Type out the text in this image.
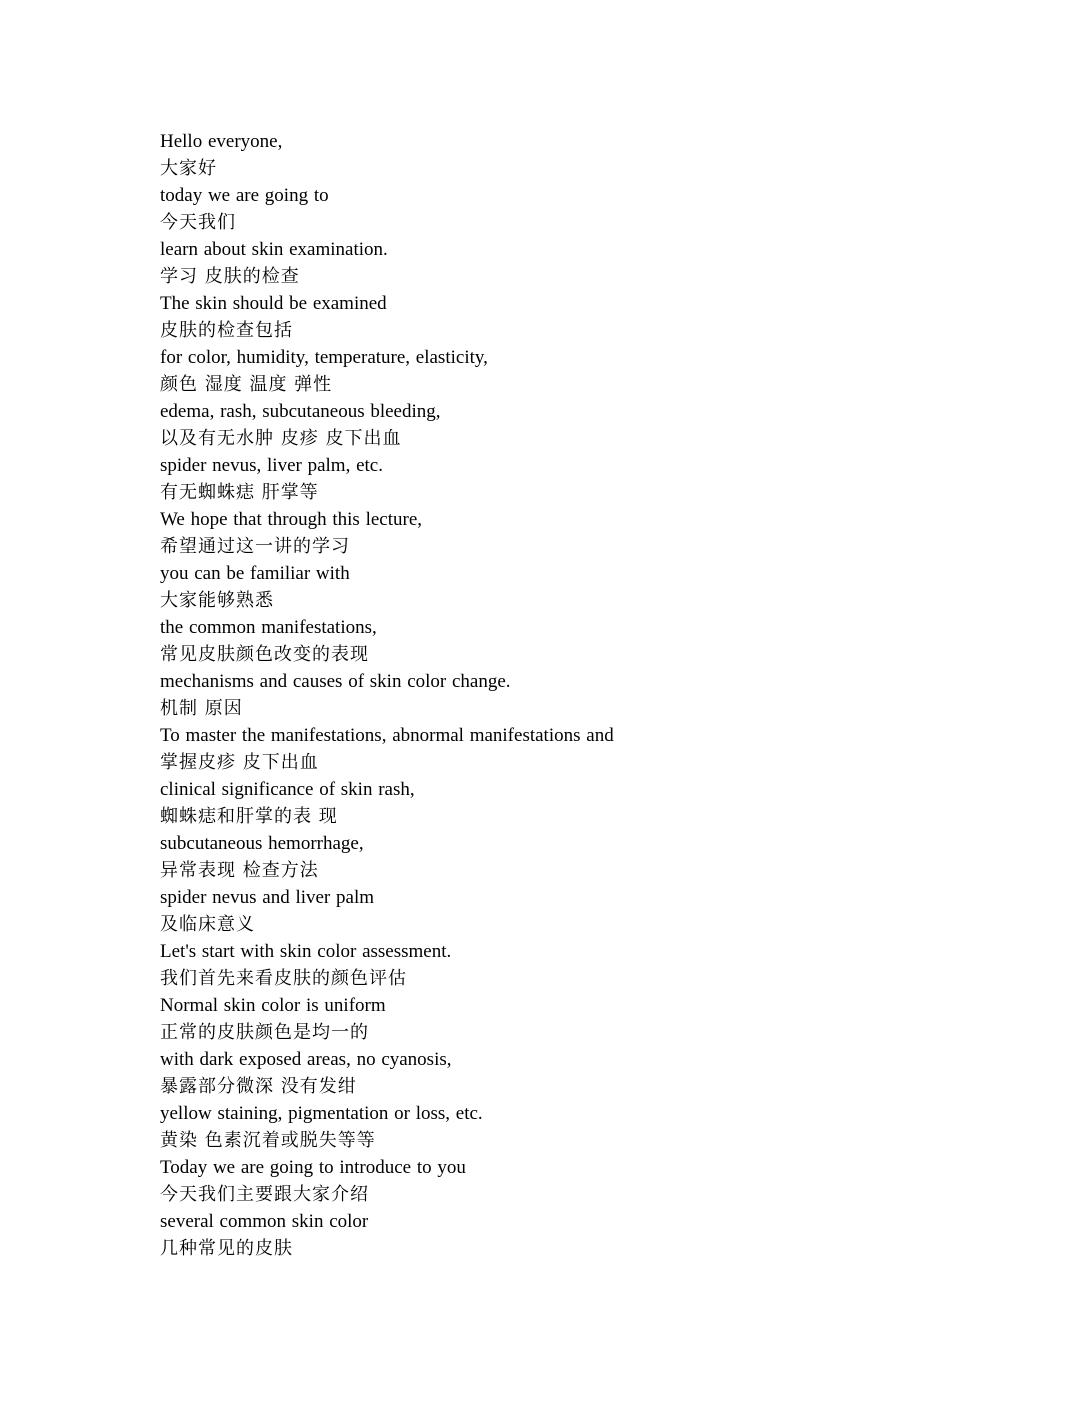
Hello everyone,
大家好
today we are going to
今天我们
learn about skin examination.
学习 皮肤的检查
The skin should be examined
皮肤的检查包括
for color, humidity, temperature, elasticity,
颜色 湿度 温度 弹性
edema, rash, subcutaneous bleeding,
以及有无水肿 皮疹 皮下出血
spider nevus, liver palm, etc.
有无蜘蛛痣 肝掌等
We hope that through this lecture,
希望通过这一讲的学习
you can be familiar with
大家能够熟悉
the common manifestations,
常见皮肤颜色改变的表现
mechanisms and causes of skin color change.
机制 原因
To master the manifestations, abnormal manifestations and
掌握皮疹 皮下出血
clinical significance of skin rash,
蜘蛛痣和肝掌的表 现
subcutaneous hemorrhage,
异常表现 检查方法
spider nevus and liver palm
及临床意义
Let's start with skin color assessment.
我们首先来看皮肤的颜色评估
Normal skin color is uniform
正常的皮肤颜色是均一的
with dark exposed areas, no cyanosis,
暴露部分微深 没有发绀
yellow staining, pigmentation or loss, etc.
黄染 色素沉着或脱失等等
Today we are going to introduce to you
今天我们主要跟大家介绍
several common skin color
几种常见的皮肤
